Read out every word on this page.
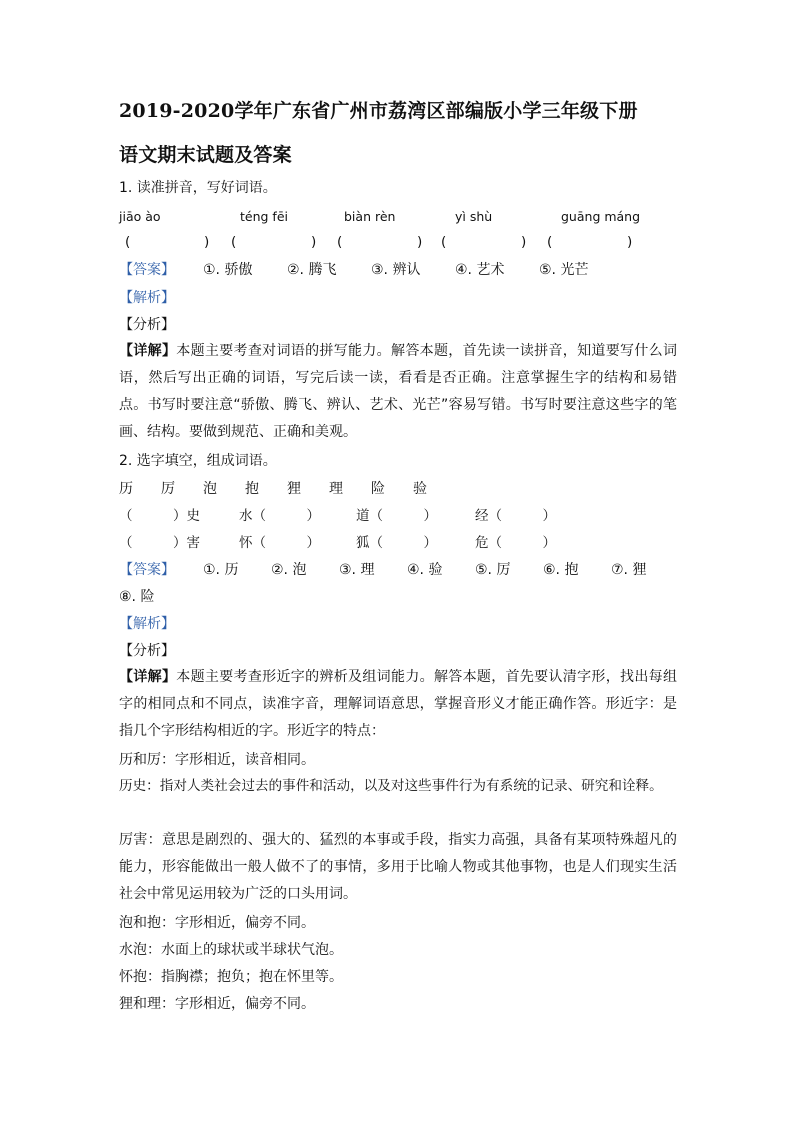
2019-2020学年广东省广州市荔湾区部编版小学三年级下册
语文期末试题及答案
1. 读准拼音，写好词语。
jiāo ào	téng fēi	biàn rèn	yì shù	guāng máng
(	) (	) (	) (	) (	)
【答案】 ①. 骄傲 ②. 腾飞 ③. 辨认 ④. 艺术 ⑤. 光芒
【解析】
【分析】
【详解】本题主要考查对词语的拼写能力。解答本题，首先读一读拼音，知道要写什么词语，然后写出正确的词语，写完后读一读，看看是否正确。注意掌握生字的结构和易错点。书写时要注意“骄傲、腾飞、辨认、艺术、光芒”容易写错。书写时要注意这些字的笔画、结构。要做到规范、正确和美观。
2. 选字填空，组成词语。
历 厉 泡 抱 狸 理 险 验
（　　　）史	水（　　　）	道（　　　）	经（　　　）
（　　　）害	怀（　　　）	狐（　　　）	危（　　　）
【答案】 ①. 历 ②. 泡 ③. 理 ④. 验 ⑤. 厉 ⑥. 抱 ⑦. 狸
⑧. 险
【解析】
【分析】
【详解】本题主要考查形近字的辨析及组词能力。解答本题，首先要认清字形，找出每组字的相同点和不同点，读准字音，理解词语意思，掌握音形义才能正确作答。形近字：是指几个字形结构相近的字。形近字的特点：
历和厉：字形相近，读音相同。
历史：指对人类社会过去的事件和活动，以及对这些事件行为有系统的记录、研究和诠释。
厉害：意思是剧烈的、强大的、猛烈的本事或手段，指实力高强，具备有某项特殊超凡的能力，形容能做出一般人做不了的事情，多用于比喻人物或其他事物，也是人们现实生活社会中常见运用较为广泛的口头用词。
泡和抱：字形相近，偏旁不同。
水泡：水面上的球状或半球状气泡。
怀抱：指胸襟；抱负；抱在怀里等。
狸和理：字形相近，偏旁不同。
